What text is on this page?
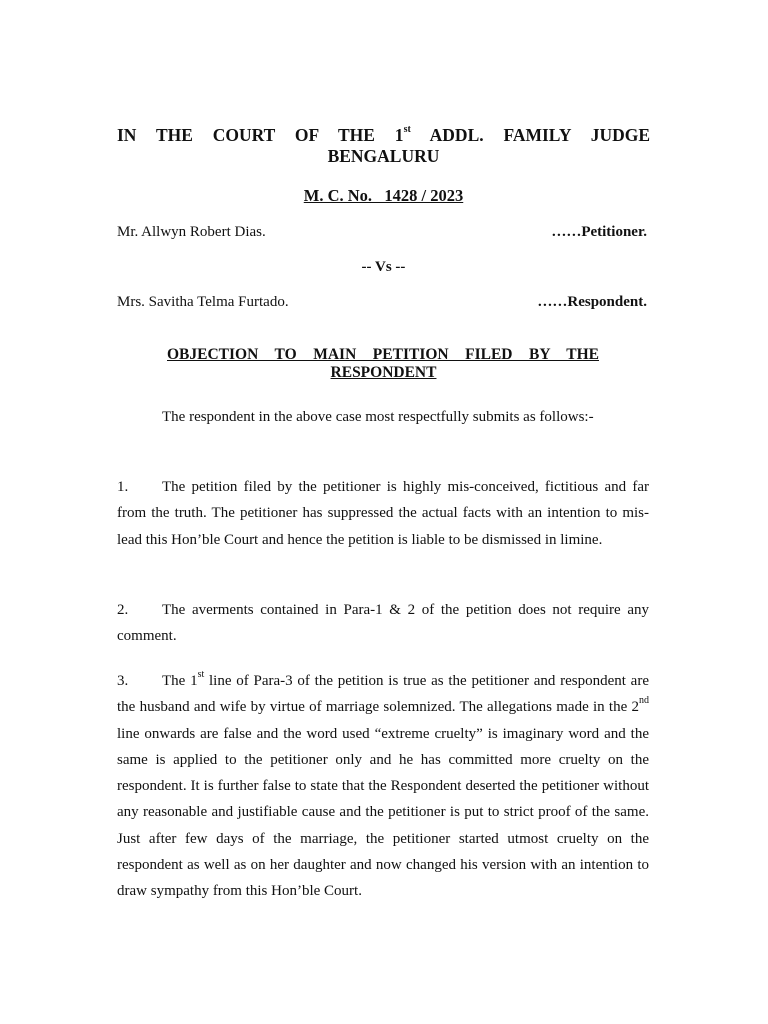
IN THE COURT OF THE 1st ADDL. FAMILY JUDGE
BENGALURU
M. C. No.   1428 / 2023
Mr. Allwyn Robert Dias.	……Petitioner.
-- Vs --
Mrs. Savitha Telma Furtado.	……Respondent.
OBJECTION TO MAIN PETITION FILED BY THE
RESPONDENT
The respondent in the above case most respectfully submits as follows:-
1. The petition filed by the petitioner is highly mis-conceived, fictitious and far from the truth. The petitioner has suppressed the actual facts with an intention to mis-lead this Hon’ble Court and hence the petition is liable to be dismissed in limine.
2. The averments contained in Para-1 & 2 of the petition does not require any comment.
3. The 1st line of Para-3 of the petition is true as the petitioner and respondent are the husband and wife by virtue of marriage solemnized. The allegations made in the 2nd line onwards are false and the word used “extreme cruelty” is imaginary word and the same is applied to the petitioner only and he has committed more cruelty on the respondent. It is further false to state that the Respondent deserted the petitioner without any reasonable and justifiable cause and the petitioner is put to strict proof of the same. Just after few days of the marriage, the petitioner started utmost cruelty on the respondent as well as on her daughter and now changed his version with an intention to draw sympathy from this Hon’ble Court.
